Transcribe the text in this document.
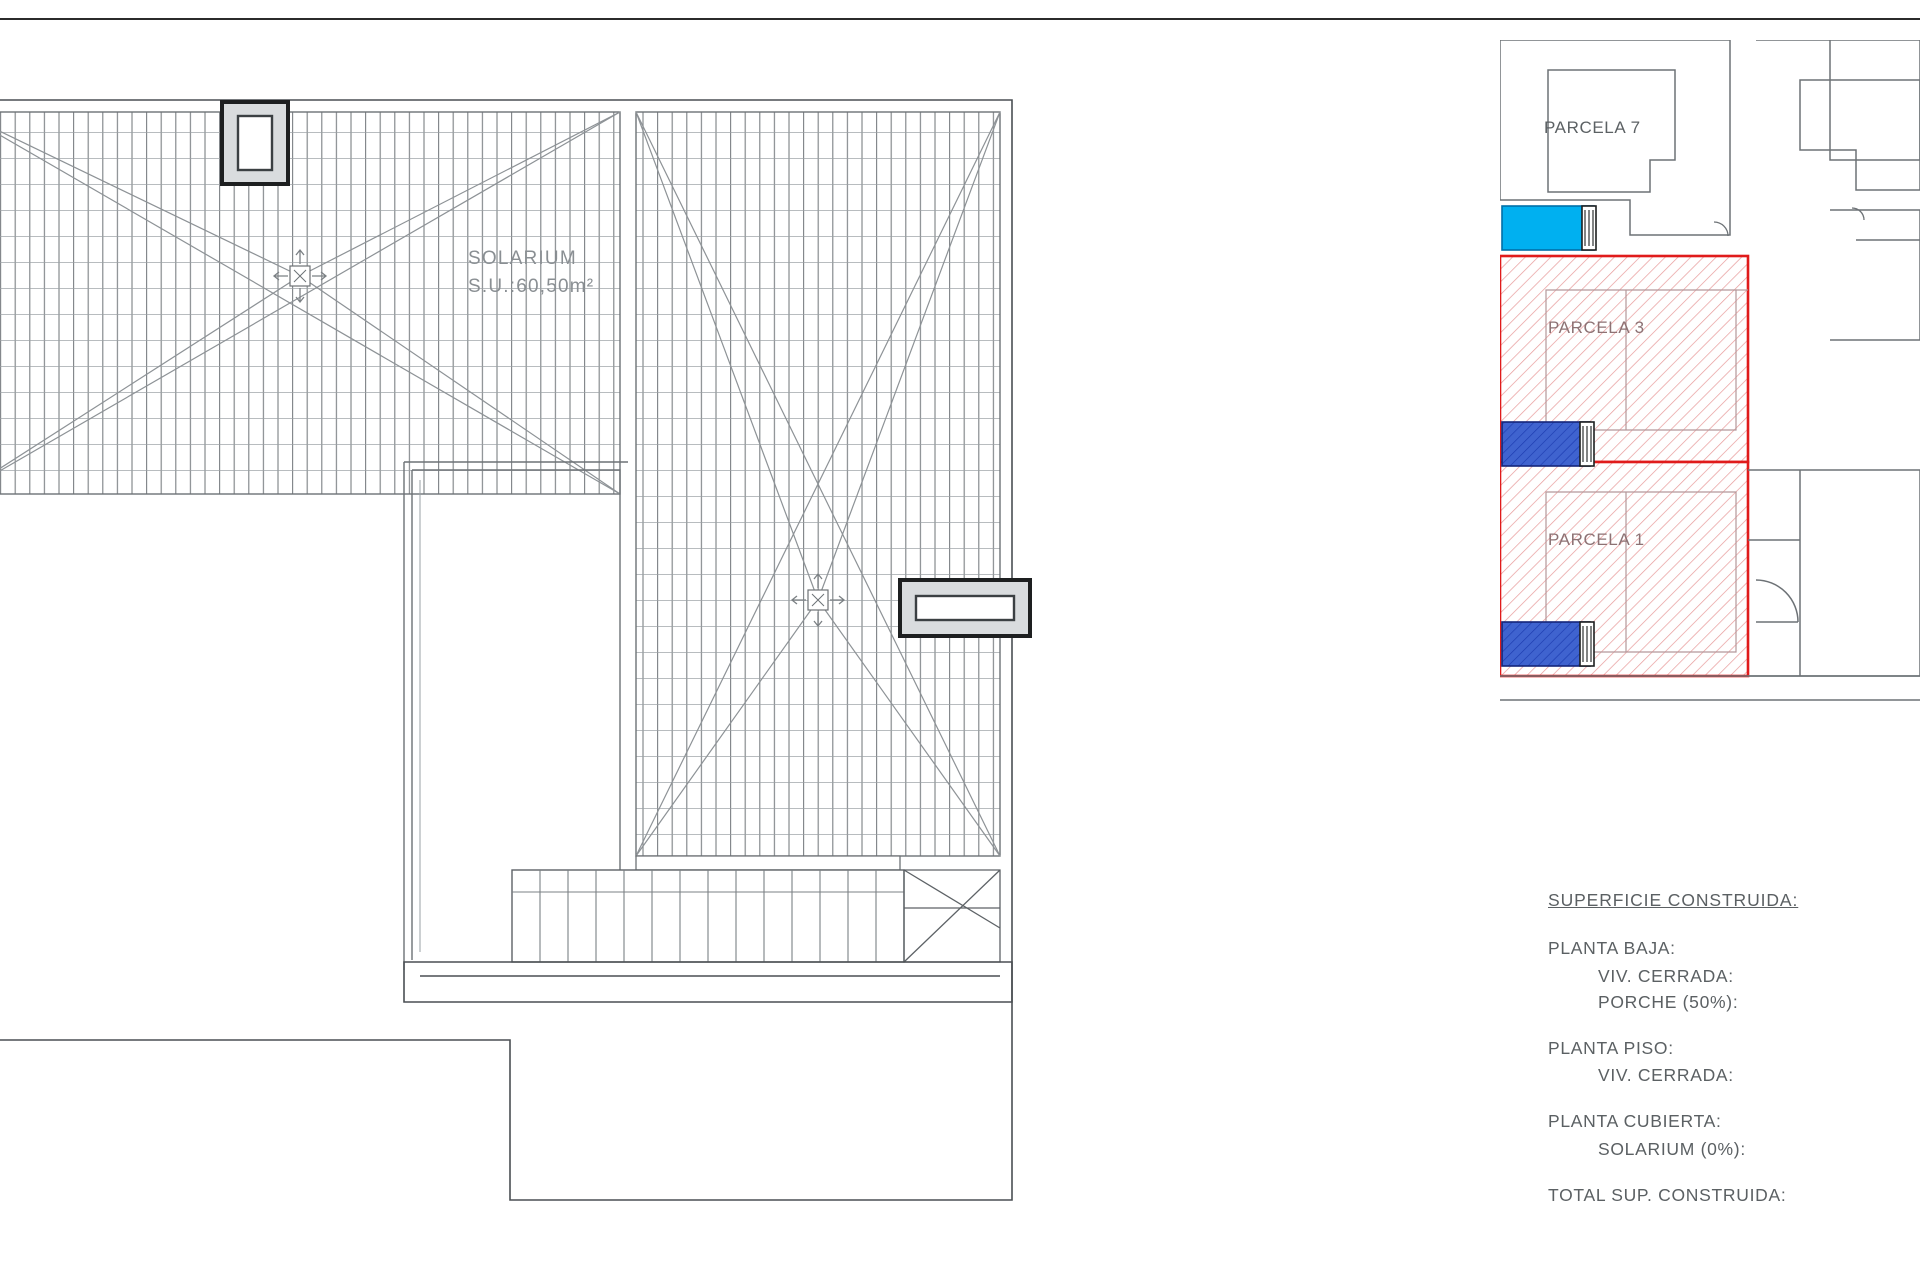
SOLARIUM
S.U.:60,50m²
PARCELA 7
PARCELA 3
PARCELA 1
SUPERFICIE CONSTRUIDA:
PLANTA BAJA:
VIV. CERRADA:
PORCHE (50%):
PLANTA PISO:
VIV. CERRADA:
PLANTA CUBIERTA:
SOLARIUM (0%):
TOTAL SUP. CONSTRUIDA:
